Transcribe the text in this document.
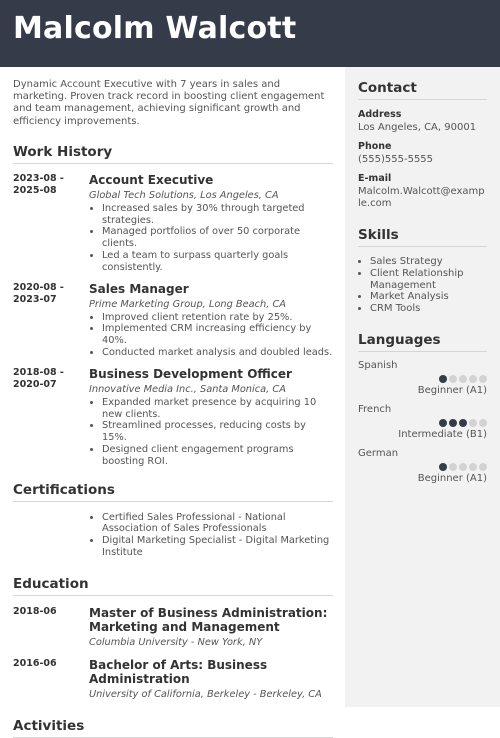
Malcolm Walcott

Dynamic Account Executive with 7 years in sales and marketing. Proven track record in boosting client engagement and team management, achieving significant growth and efficiency improvements.

Work History
2023-08 -
2025-08
Account Executive
Global Tech Solutions, Los Angeles, CA
• Increased sales by 30% through targeted strategies.
• Managed portfolios of over 50 corporate clients.
• Led a team to surpass quarterly goals consistently.
2020-08 -
2023-07
Sales Manager
Prime Marketing Group, Long Beach, CA
• Improved client retention rate by 25%.
• Implemented CRM increasing efficiency by 40%.
• Conducted market analysis and doubled leads.
2018-08 -
2020-07
Business Development Officer
Innovative Media Inc., Santa Monica, CA
• Expanded market presence by acquiring 10 new clients.
• Streamlined processes, reducing costs by 15%.
• Designed client engagement programs boosting ROI.
Certifications
• Certified Sales Professional - National Association of Sales Professionals
• Digital Marketing Specialist - Digital Marketing Institute
Education
2018-06	Master of Business Administration: Marketing and Management
Columbia University - New York, NY
2016-06	Bachelor of Arts: Business Administration
University of California, Berkeley - Berkeley, CA
Activities
Contact
Address
Los Angeles, CA, 90001
Phone
(555)555-5555
E-mail
Malcolm.Walcott@example.com
Skills
• Sales Strategy
• Client Relationship Management
• Market Analysis
• CRM Tools
Languages
Spanish
Beginner (A1)
French
Intermediate (B1)
German
Beginner (A1)
